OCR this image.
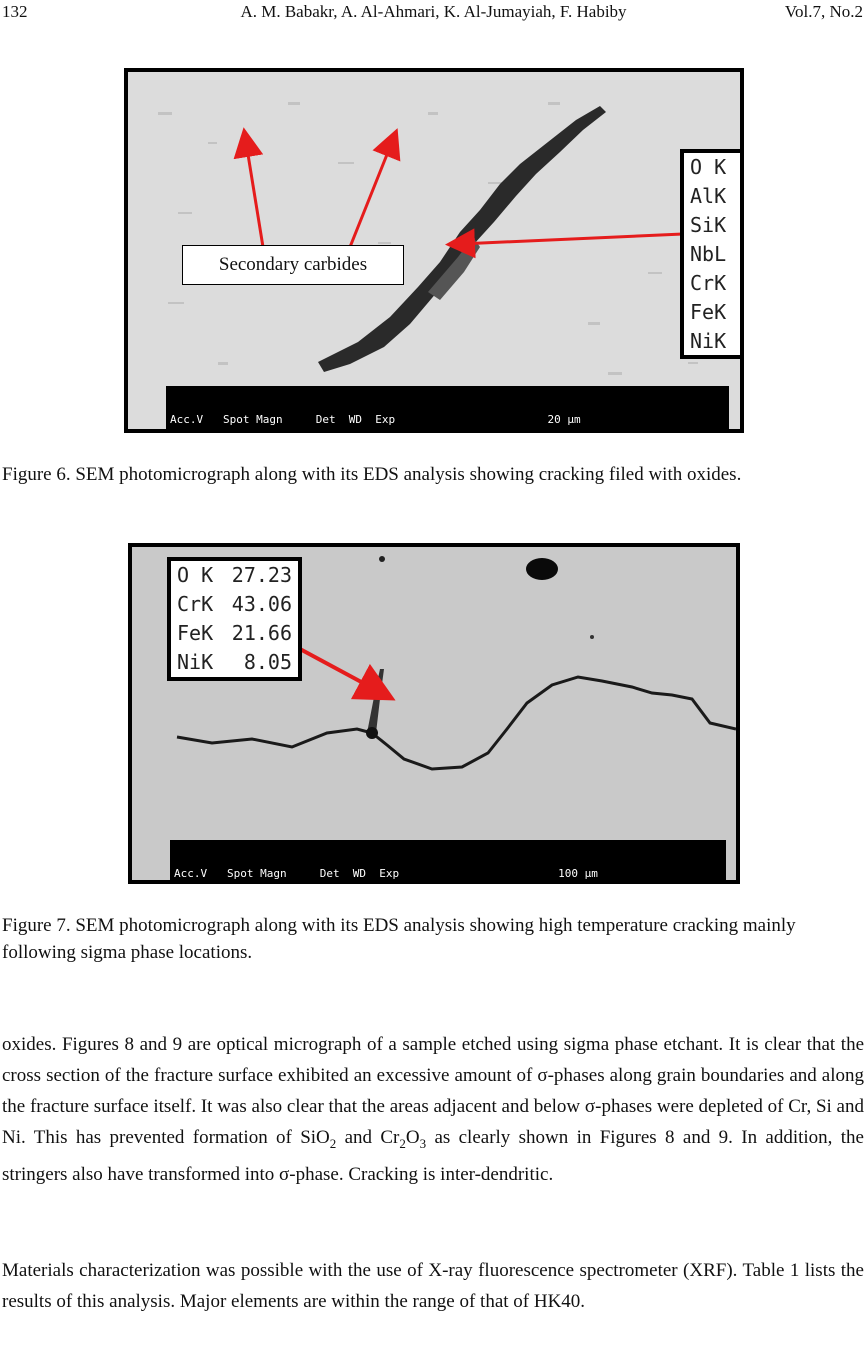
132	A. M. Babakr, A. Al-Ahmari, K. Al-Jumayiah, F. Habiby	Vol.7, No.2
Secondary carbides
O K
AlK
SiK
NbL
CrK
FeK
NiK

Acc.V   Spot Magn     Det  WD  Exp                       20 µm

Figure 6. SEM photomicrograph along with its EDS analysis showing cracking filed with oxides.
O K 27.23
CrK 43.06
FeK 21.66
NiK 8.05

Acc.V   Spot Magn     Det  WD  Exp                        100 µm

Figure 7. SEM photomicrograph along with its EDS analysis showing high temperature cracking mainly following sigma phase locations.
oxides. Figures 8 and 9 are optical micrograph of a sample etched using sigma phase etchant. It is clear that the cross section of the fracture surface exhibited an excessive amount of σ-phases along grain boundaries and along the fracture surface itself. It was also clear that the areas adjacent and below σ-phases were depleted of Cr, Si and Ni. This has prevented formation of SiO$_2$ and $Cr_2O_3$ as clearly shown in Figures 8 and 9. In addition, the stringers also have transformed into σ-phase. Cracking is inter-dendritic.
Materials characterization was possible with the use of X-ray fluorescence spectrometer (XRF). Table 1 lists the results of this analysis. Major elements are within the range of that of HK40.
